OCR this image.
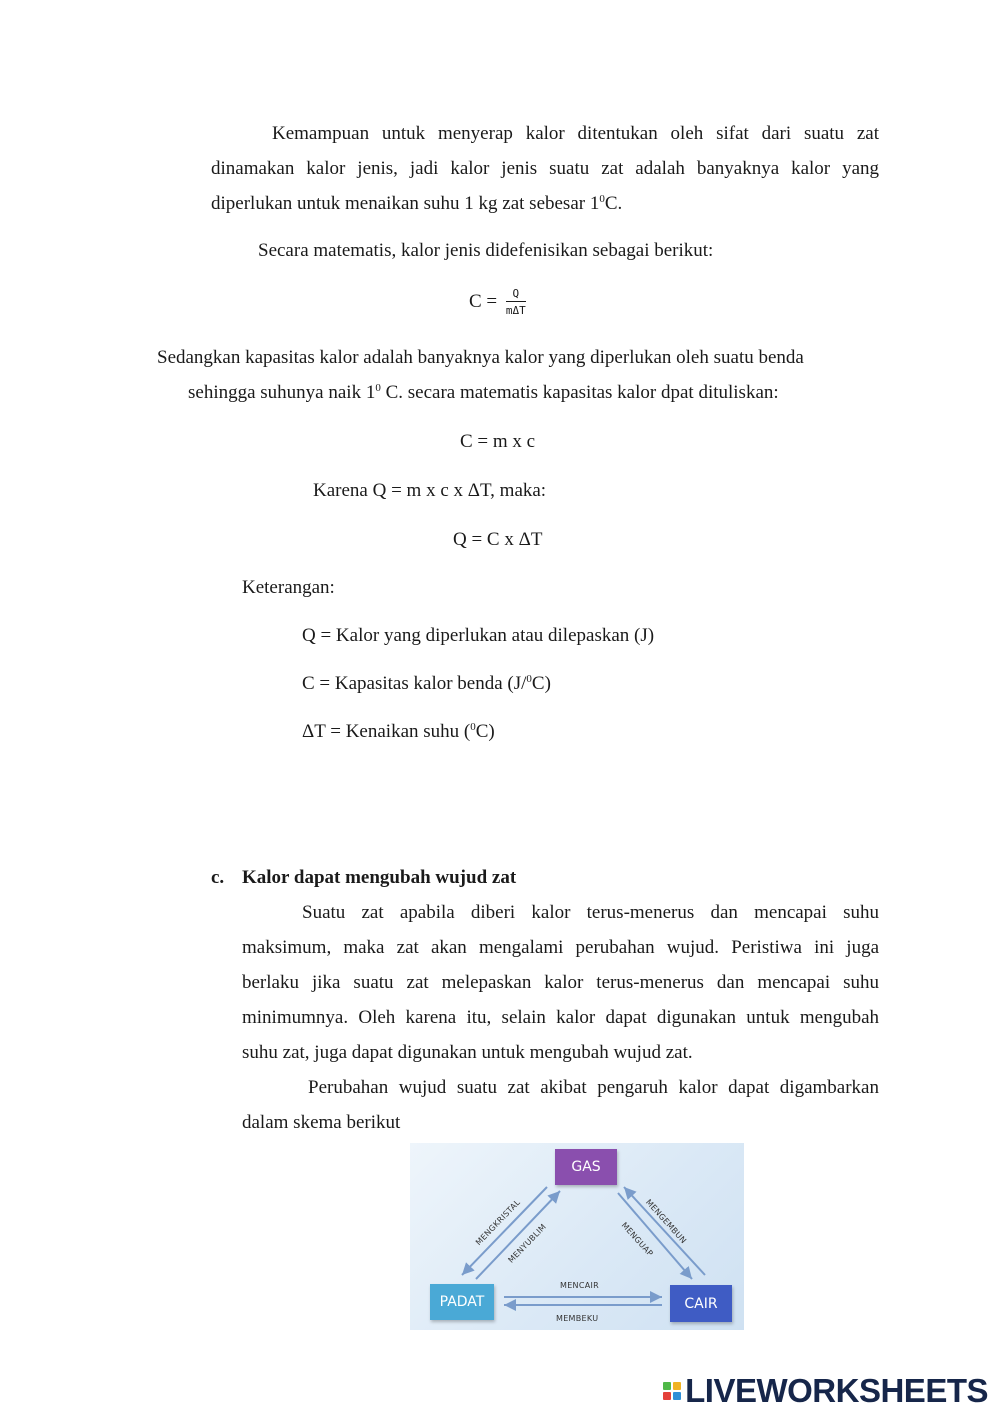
Kemampuan untuk menyerap kalor ditentukan oleh sifat dari suatu zat
dinamakan kalor jenis, jadi kalor jenis suatu zat adalah banyaknya kalor yang
diperlukan untuk menaikan suhu 1 kg zat sebesar $1^0C$.
Secara matematis, kalor jenis didefenisikan sebagai berikut:
$C = \frac{Q}{\text{mΔT}}$
Sedangkan kapasitas kalor adalah banyaknya kalor yang diperlukan oleh suatu benda
sehingga suhunya naik $1^0$ C. secara matematis kapasitas kalor dpat dituliskan:
C = m x c
Karena Q = m x c x ΔT, maka:
Q = C x ΔT
Keterangan:
Q = Kalor yang diperlukan atau dilepaskan (J)
C = Kapasitas kalor benda (J/$^0$C)
ΔT = Kenaikan suhu ($^0$C)
c. Kalor dapat mengubah wujud zat
Suatu zat apabila diberi kalor terus-menerus dan mencapai suhu
maksimum, maka zat akan mengalami perubahan wujud. Peristiwa ini juga
berlaku jika suatu zat melepaskan kalor terus-menerus dan mencapai suhu
minimumnya. Oleh karena itu, selain kalor dapat digunakan untuk mengubah
suhu zat, juga dapat digunakan untuk mengubah wujud zat.
Perubahan wujud suatu zat akibat pengaruh kalor dapat digambarkan
dalam skema berikut
GAS
PADAT	CAIR
MENGKRISTAL
MENYUBLIM	MENGEMBUN
MENGUAP
MENCAIR
MEMBEKU
LIVEWORKSHEETS
